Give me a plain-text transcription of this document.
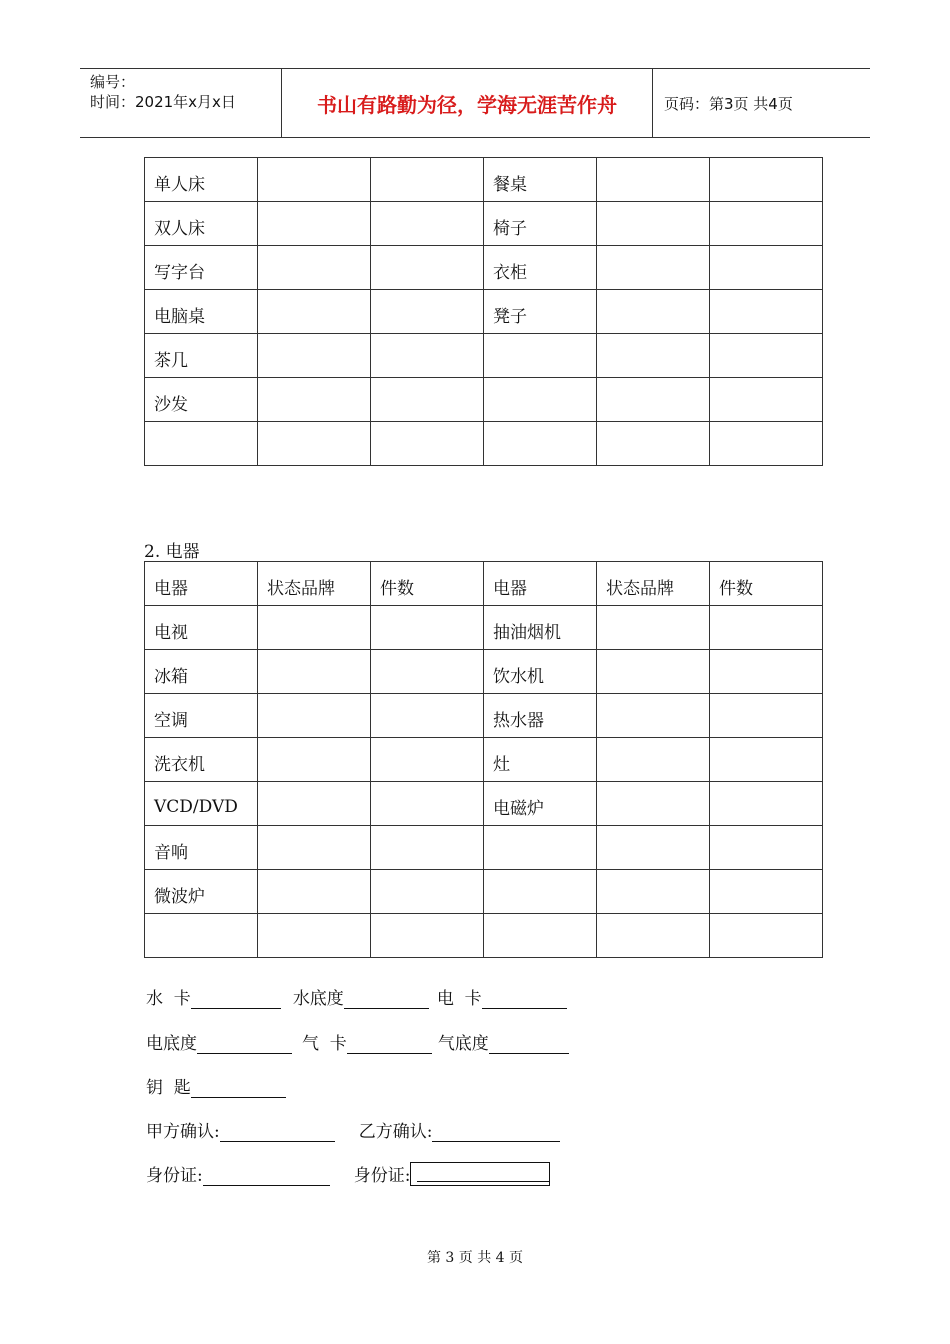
编号：
时间：2021年x月x日	书山有路勤为径，学海无涯苦作舟	页码：第3页 共4页
单人床			餐桌		
双人床			椅子		
写字台			衣柜		
电脑桌			凳子		
茶几					
沙发					

2. 电器
电器	状态品牌	件数	电器	状态品牌	件数
电视			抽油烟机		
冰箱			饮水机		
空调			热水器		
洗衣机			灶		
VCD/DVD			电磁炉		
音响					
微波炉					

水  卡	水底度	电  卡
电底度	气  卡	气底度
钥  匙
甲方确认:	乙方确认:
身份证:	身份证:
第 3 页 共 4 页
